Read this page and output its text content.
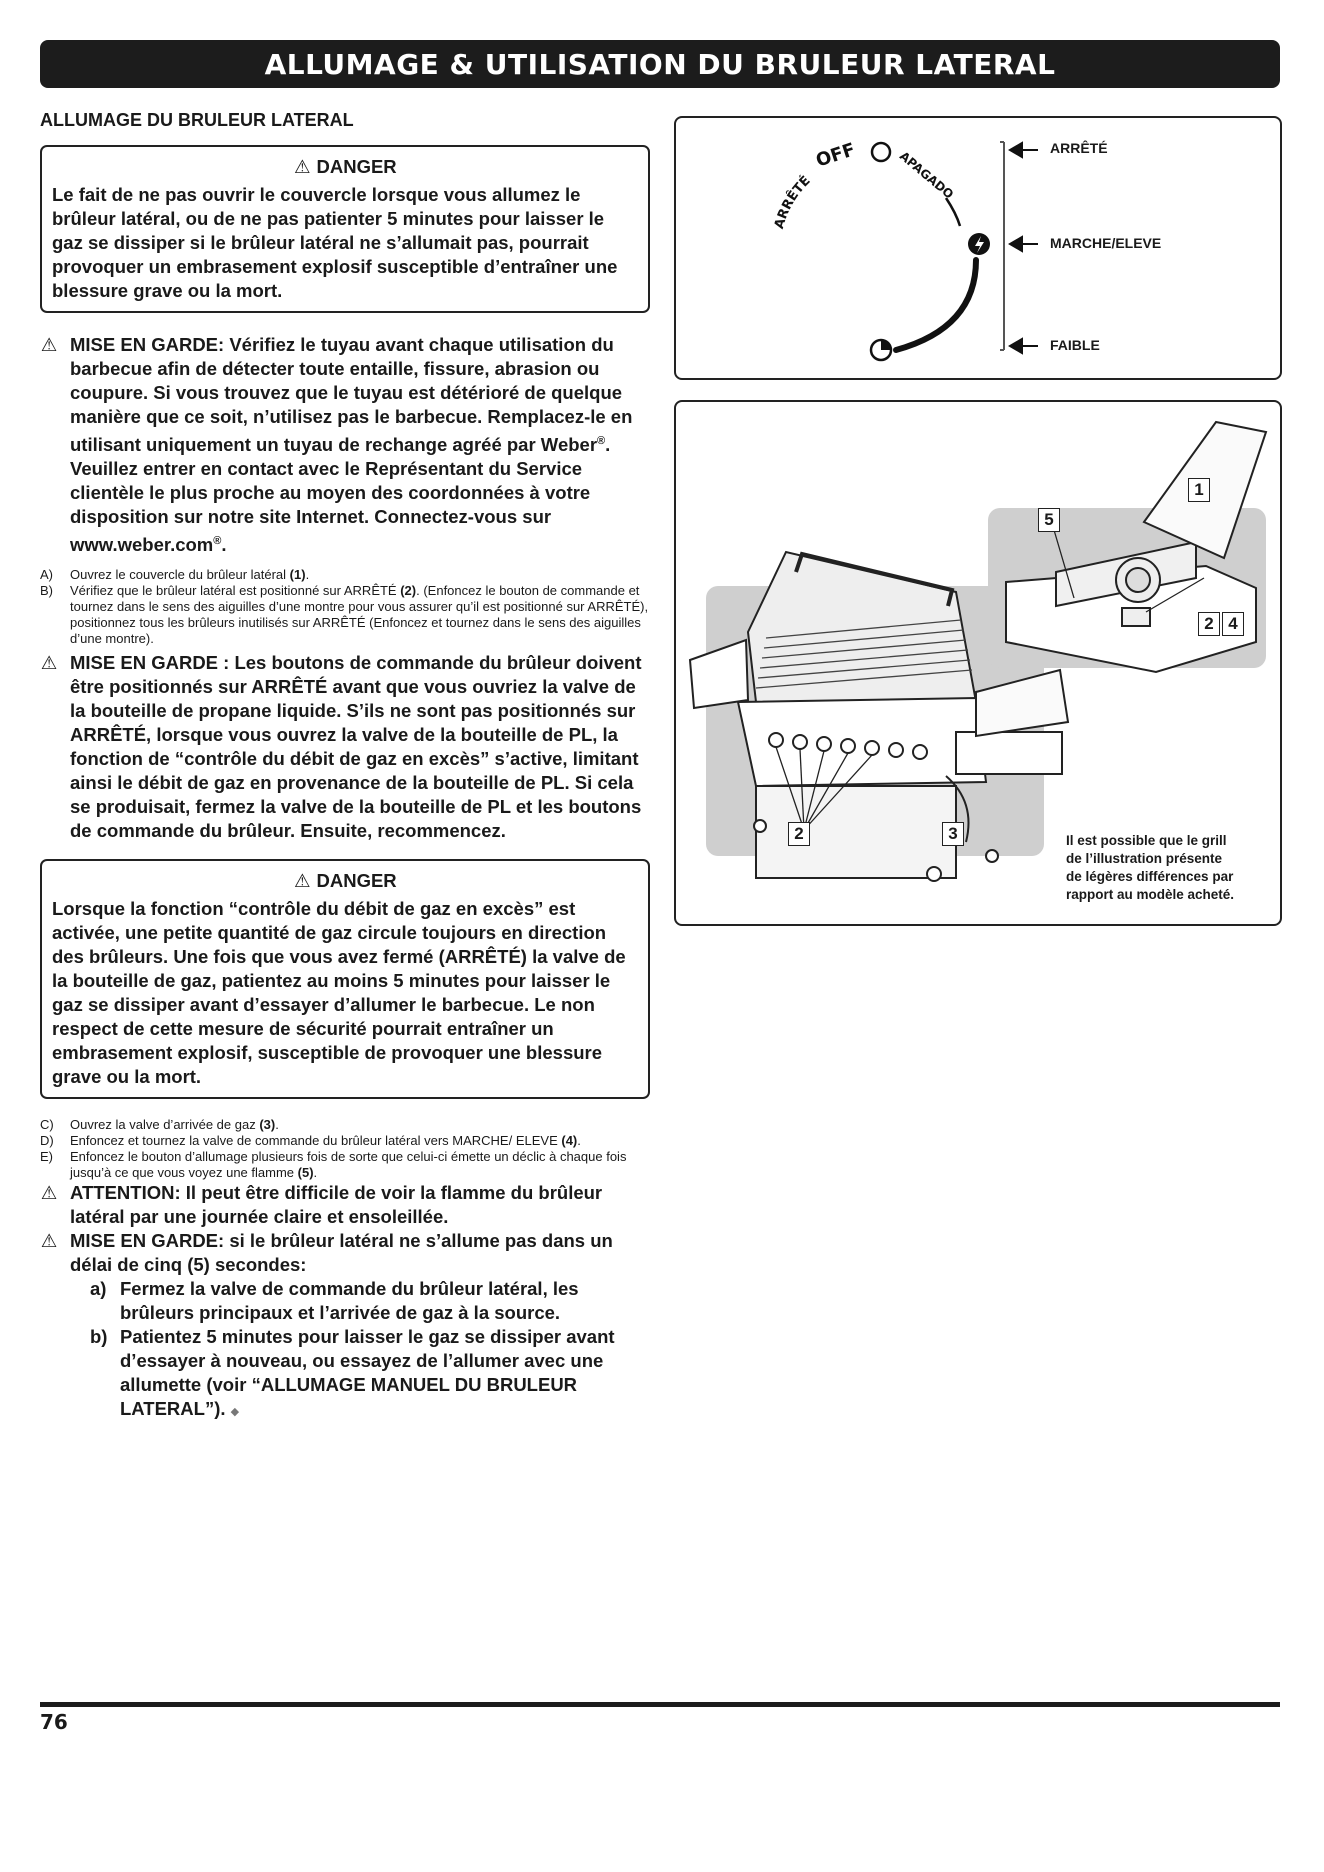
ALLUMAGE & UTILISATION DU BRULEUR LATERAL
ALLUMAGE DU BRULEUR LATERAL
⚠ DANGER
Le fait de ne pas ouvrir le couvercle lorsque vous allumez le brûleur latéral, ou de ne pas patienter 5 minutes pour laisser le gaz se dissiper si le brûleur latéral ne s’allumait pas, pourrait provoquer un embrasement explosif susceptible d’entraîner une blessure grave ou la mort.
⚠ MISE EN GARDE: Vérifiez le tuyau avant chaque utilisation du barbecue afin de détecter toute entaille, fissure, abrasion ou coupure. Si vous trouvez que le tuyau est détérioré de quelque manière que ce soit, n’utilisez pas le barbecue. Remplacez-le en utilisant uniquement un tuyau de rechange agréé par Weber®. Veuillez entrer en contact avec le Représentant du Service clientèle le plus proche au moyen des coordonnées à votre disposition sur notre site Internet. Connectez-vous sur www.weber.com®.
A) Ouvrez le couvercle du brûleur latéral (1).
B) Vérifiez que le brûleur latéral est positionné sur ARRÊTÉ (2). (Enfoncez le bouton de commande et tournez dans le sens des aiguilles d’une montre pour vous assurer qu’il est positionné sur ARRÊTÉ), positionnez tous les brûleurs inutilisés sur ARRÊTÉ (Enfoncez et tournez dans le sens des aiguilles d’une montre).
⚠ MISE EN GARDE : Les boutons de commande du brûleur doivent être positionnés sur ARRÊTÉ avant que vous ouvriez la valve de la bouteille de propane liquide. S’ils ne sont pas positionnés sur ARRÊTÉ, lorsque vous ouvrez la valve de la bouteille de PL, la fonction de “contrôle du débit de gaz en excès” s’active, limitant ainsi le débit de gaz en provenance de la bouteille de PL. Si cela se produisait, fermez la valve de la bouteille de PL et les boutons de commande du brûleur. Ensuite, recommencez.
⚠ DANGER
Lorsque la fonction “contrôle du débit de gaz en excès” est activée, une petite quantité de gaz circule toujours en direction des brûleurs. Une fois que vous avez fermé (ARRÊTÉ) la valve de la bouteille de gaz, patientez au moins 5 minutes pour laisser le gaz se dissiper avant d’essayer d’allumer le barbecue. Le non respect de cette mesure de sécurité pourrait entraîner un embrasement explosif, susceptible de provoquer une blessure grave ou la mort.
C) Ouvrez la valve d’arrivée de gaz (3).
D) Enfoncez et tournez la valve de commande du brûleur latéral vers MARCHE/ ELEVE (4).
E) Enfoncez le bouton d’allumage plusieurs fois de sorte que celui-ci émette un déclic à chaque fois jusqu’à ce que vous voyez une flamme (5).
⚠ ATTENTION: Il peut être difficile de voir la flamme du brûleur latéral par une journée claire et ensoleillée.
⚠ MISE EN GARDE: si le brûleur latéral ne s’allume pas dans un délai de cinq (5) secondes:
a) Fermez la valve de commande du brûleur latéral, les brûleurs principaux et l’arrivée de gaz à la source.
b) Patientez 5 minutes pour laisser le gaz se dissiper avant d’essayer à nouveau, ou essayez de l’allumer avec une allumette (voir “ALLUMAGE MANUEL DU BRULEUR LATERAL”). ◆
ARRÊTÉ
OFF	APAGADO
ARRÊTÉ
MARCHE/ELEVE
FAIBLE
1
5
2 4
2	3	Il est possible que le grill
de l’illustration présente
de légères différences par
rapport au modèle acheté.
76
